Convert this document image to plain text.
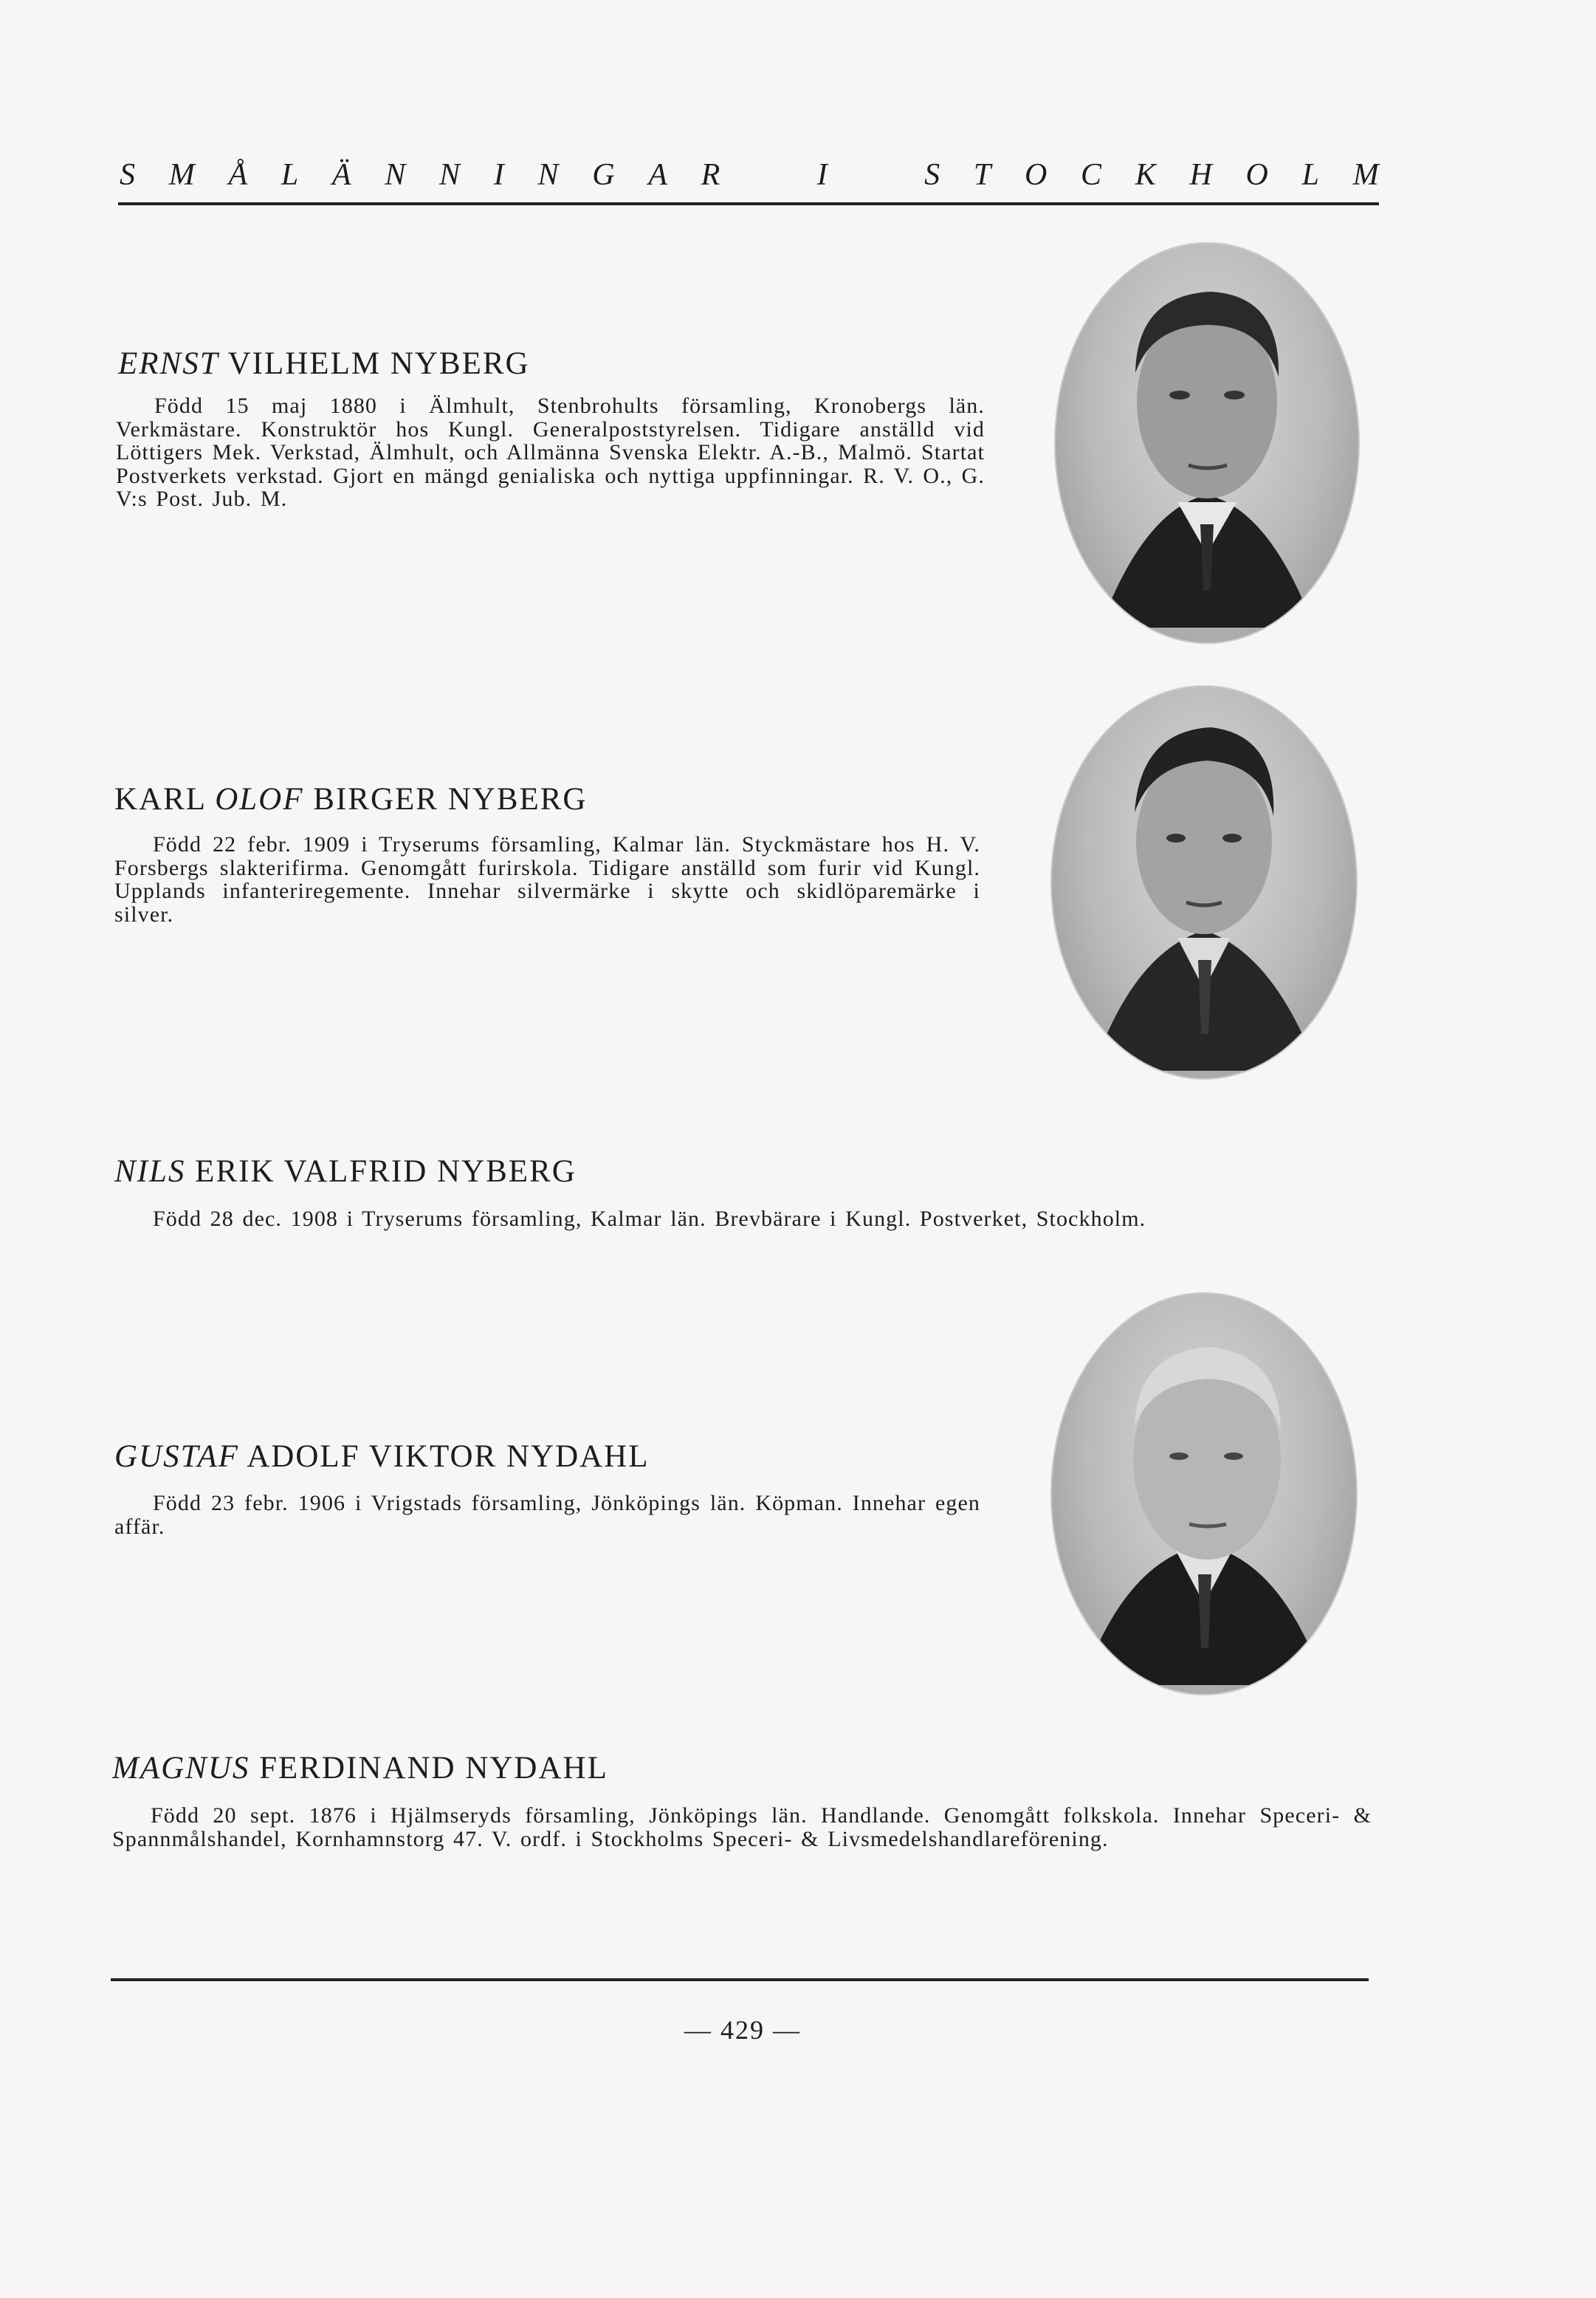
S M Å L Ä N N I N G A R	I	S T O C K H O L M
ERNST VILHELM NYBERG

Född 15 maj 1880 i Älmhult, Stenbrohults församling, Kronobergs län. Verkmästare. Konstruktör hos Kungl. Generalpoststyrelsen. Tidigare anställd vid Löttigers Mek. Verkstad, Älmhult, och Allmänna Svenska Elektr. A.-B., Malmö. Startat Postverkets verkstad. Gjort en mängd genialiska och nyttiga uppfinningar. R. V. O., G. V:s Post. Jub. M.

KARL OLOF BIRGER NYBERG

Född 22 febr. 1909 i Tryserums församling, Kalmar län. Styckmästare hos H. V. Forsbergs slakterifirma. Genomgått furirskola. Tidigare anställd som furir vid Kungl. Upplands infanteriregemente. Innehar silvermärke i skytte och skidlöparemärke i silver.

NILS ERIK VALFRID NYBERG

Född 28 dec. 1908 i Tryserums församling, Kalmar län. Brevbärare i Kungl. Postverket, Stockholm.

GUSTAF ADOLF VIKTOR NYDAHL

Född 23 febr. 1906 i Vrigstads församling, Jönköpings län. Köpman. Innehar egen affär.

MAGNUS FERDINAND NYDAHL

Född 20 sept. 1876 i Hjälmseryds församling, Jönköpings län. Handlande. Genomgått folkskola. Innehar Speceri- & Spannmålshandel, Kornhamnstorg 47. V. ordf. i Stockholms Speceri- & Livsmedelshandlareförening.

— 429 —
